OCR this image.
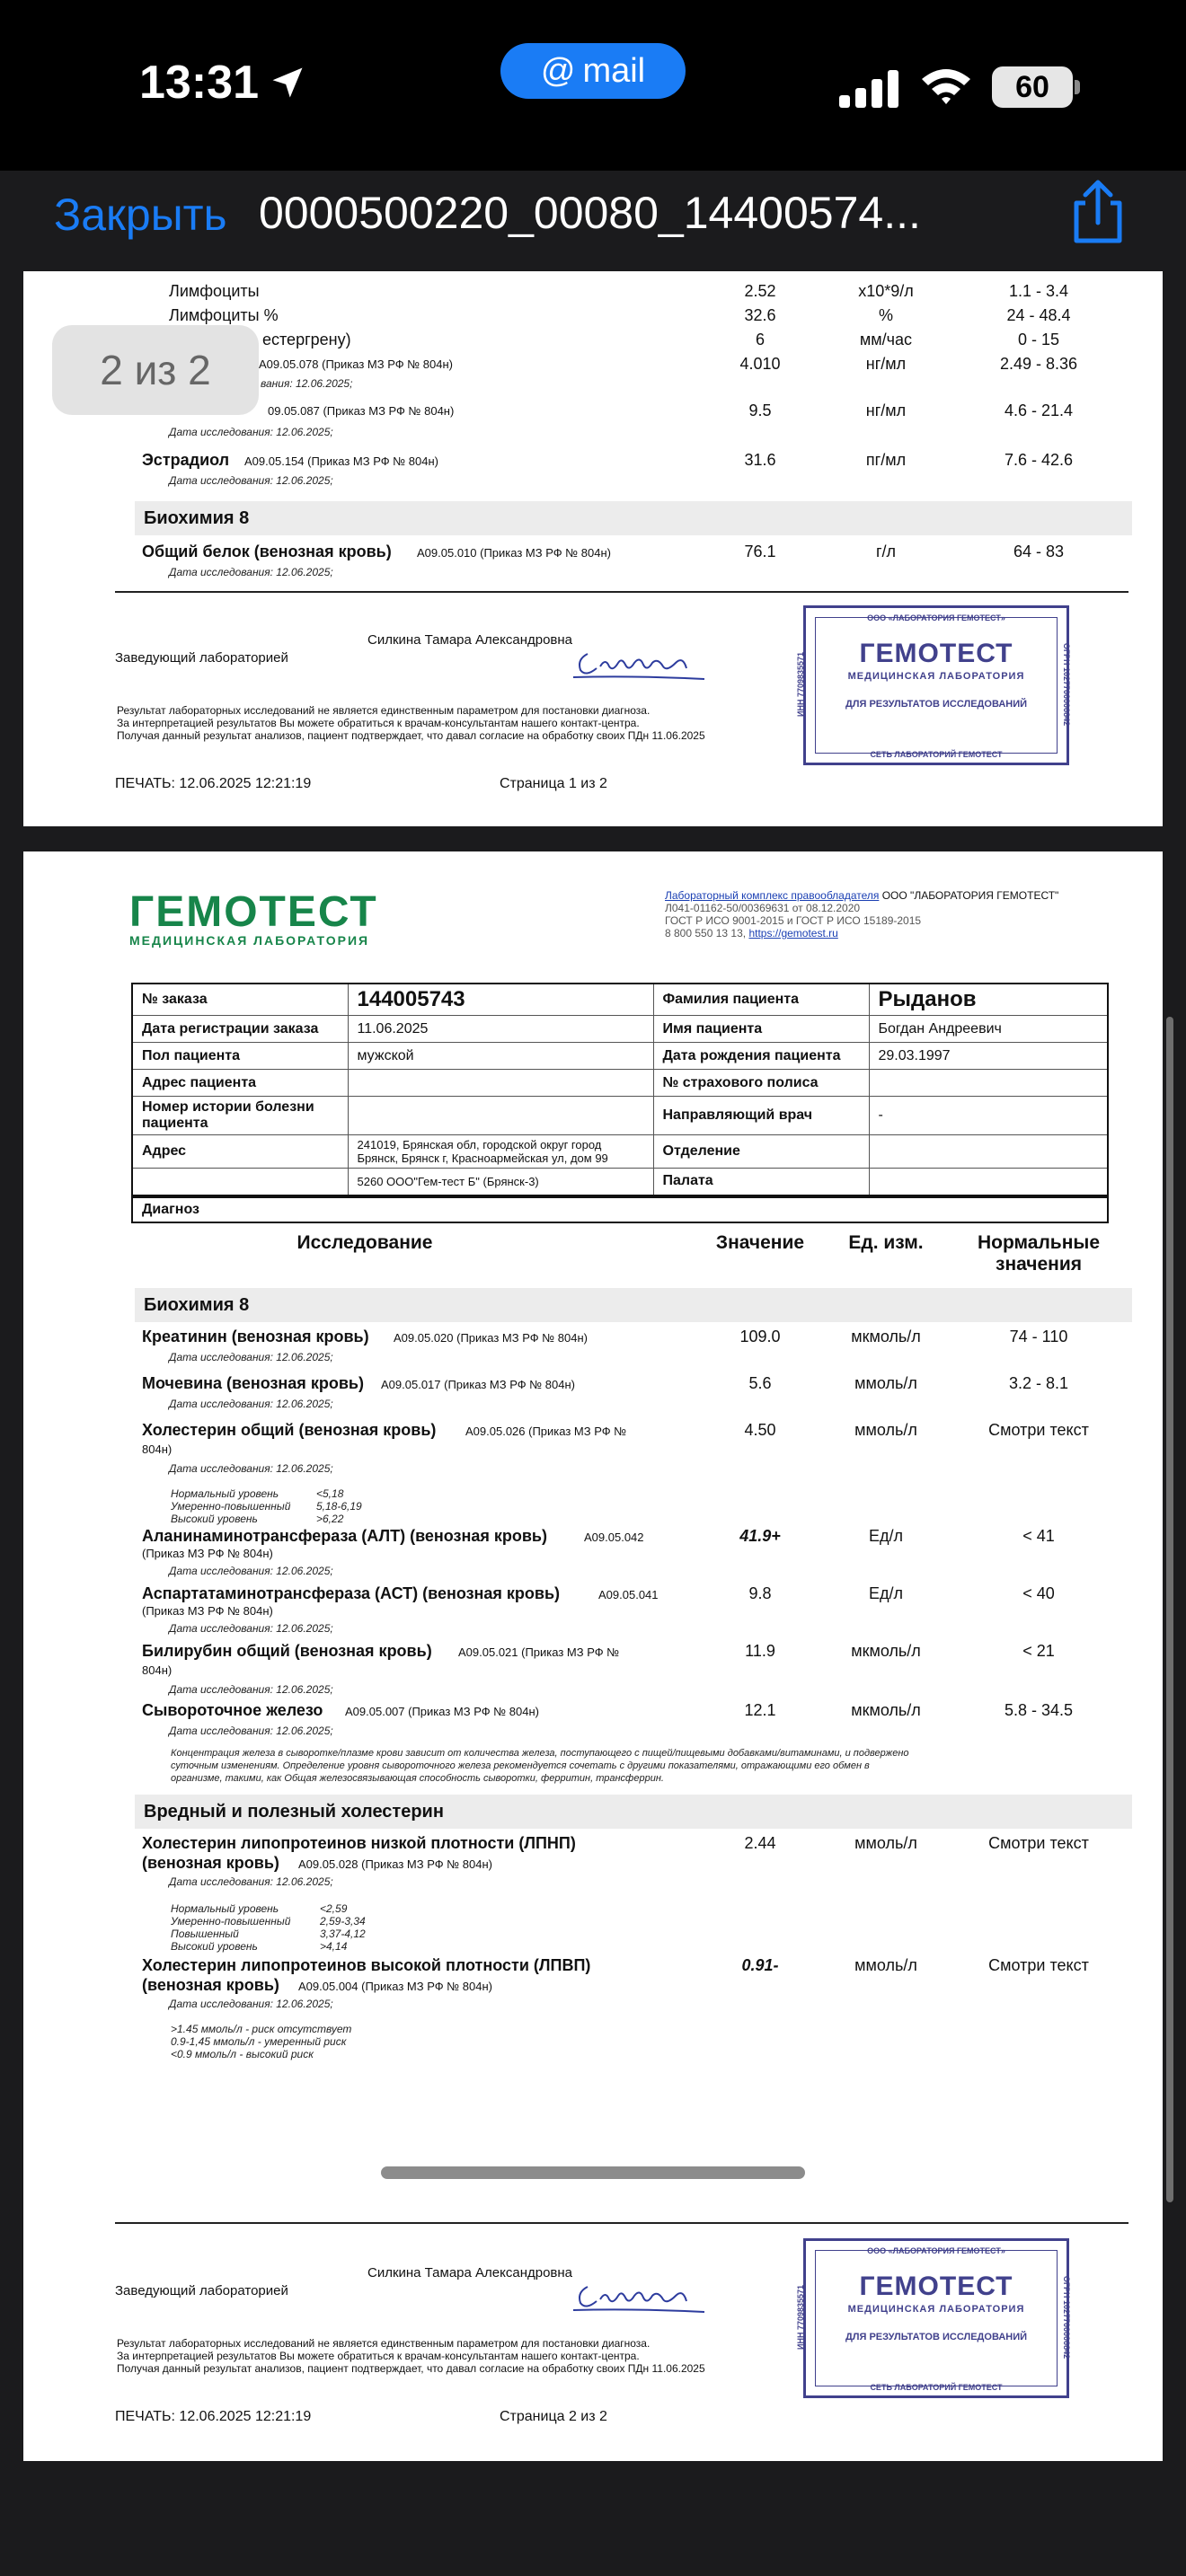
13:31	@ mail	60
Закрыть 0000500220_00080_14400574...
Лимфоциты	2.52	x10*9/л	1.1 - 3.4
Лимфоциты %	32.6	%	24 - 48.4
естергрену)	6	мм/час	0 - 15
А09.05.078 (Приказ МЗ РФ № 804н)
вания: 12.06.2025;
4.010	нг/мл	2.49 - 8.36
09.05.087 (Приказ МЗ РФ № 804н)
Дата исследования: 12.06.2025;
9.5	нг/мл	4.6 - 21.4
Эстрадиол А09.05.154 (Приказ МЗ РФ № 804н)
Дата исследования: 12.06.2025;
31.6	пг/мл	7.6 - 42.6
Биохимия 8
Общий белок (венозная кровь) А09.05.010 (Приказ МЗ РФ № 804н)
Дата исследования: 12.06.2025;
76.1	г/л	64 - 83
Заведующий лабораторией
Силкина Тамара Александровна
ООО «ЛАБОРАТОРИЯ ГЕМОТЕСТ»
ГЕМОТЕСТ
МЕДИЦИНСКАЯ ЛАБОРАТОРИЯ
ДЛЯ РЕЗУЛЬТАТОВ ИССЛЕДОВАНИЙ
СЕТЬ ЛАБОРАТОРИЙ ГЕМОТЕСТ
ИНН 7709835571	ОГРН 1027700006842
Результат лабораторных исследований не является единственным параметром для постановки диагноза.
За интерпретацией результатов Вы можете обратиться к врачам-консультантам нашего контакт-центра.
Получая данный результат анализов, пациент подтверждает, что давал согласие на обработку своих ПДн 11.06.2025
ПЕЧАТЬ: 12.06.2025 12:21:19	Страница 1 из 2
ГЕМОТЕСТ
МЕДИЦИНСКАЯ ЛАБОРАТОРИЯ
Лабораторный комплекс правообладателя ООО "ЛАБОРАТОРИЯ ГЕМОТЕСТ"
Л041-01162-50/00369631 от 08.12.2020
ГОСТ Р ИСО 9001-2015 и ГОСТ Р ИСО 15189-2015
8 800 550 13 13, https://gemotest.ru
№ заказа	144005743	Фамилия пациента	Рыданов
Дата регистрации заказа	11.06.2025	Имя пациента	Богдан Андреевич
Пол пациента	мужской	Дата рождения пациента	29.03.1997
Адрес пациента		№ страхового полиса	
Номер истории болезни пациента		Направляющий врач	-
Адрес	241019, Брянская обл, городской округ город Брянск, Брянск г, Красноармейская ул, дом 99	Отделение	
	5260 ООО"Гем-тест Б" (Брянск-3)	Палата	
Диагноз
Исследование	Значение	Ед. изм.	Нормальные
значения
Биохимия 8
Креатинин (венозная кровь) А09.05.020 (Приказ МЗ РФ № 804н)
Дата исследования: 12.06.2025;
109.0	мкмоль/л	74 - 110
Мочевина (венозная кровь) А09.05.017 (Приказ МЗ РФ № 804н)
Дата исследования: 12.06.2025;
5.6	ммоль/л	3.2 - 8.1
Холестерин общий (венозная кровь)	А09.05.026 (Приказ МЗ РФ №
804н)
Дата исследования: 12.06.2025;
4.50	ммоль/л	Смотри текст
Нормальный уровень	<5,18
Умеренно-повышенный 5,18-6,19
Высокий уровень	>6,22
Аланинаминотрансфераза (АЛТ) (венозная кровь)	А09.05.042
(Приказ МЗ РФ № 804н)
Дата исследования: 12.06.2025;
41.9+	Ед/л	< 41
Аспартатаминотрансфераза (АСТ) (венозная кровь)	А09.05.041
(Приказ МЗ РФ № 804н)
Дата исследования: 12.06.2025;
9.8	Ед/л	< 40
Билирубин общий (венозная кровь) А09.05.021 (Приказ МЗ РФ №
804н)
Дата исследования: 12.06.2025;
11.9	мкмоль/л	< 21
Сывороточное железо А09.05.007 (Приказ МЗ РФ № 804н)
Дата исследования: 12.06.2025;
12.1	мкмоль/л	5.8 - 34.5
Концентрация железа в сыворотке/плазме крови зависит от количества железа, поступающего с пищей/пищевыми добавками/витаминами, и подвержено
суточным изменениям. Определение уровня сывороточного железа рекомендуется сочетать с другими показателями, отражающими его обмен в
организме, такими, как Общая железосвязывающая способность сыворотки, ферритин, трансферрин.
Вредный и полезный холестерин
Холестерин липопротеинов низкой плотности (ЛПНП)
(венозная кровь) А09.05.028 (Приказ МЗ РФ № 804н)
Дата исследования: 12.06.2025;
2.44	ммоль/л	Смотри текст
Нормальный уровень	<2,59
Умеренно-повышенный	2,59-3,34
Повышенный	3,37-4,12
Высокий уровень	>4,14
Холестерин липопротеинов высокой плотности (ЛПВП)
(венозная кровь) А09.05.004 (Приказ МЗ РФ № 804н)
Дата исследования: 12.06.2025;
0.91-	ммоль/л	Смотри текст
>1.45 ммоль/л - риск отсутствует
0.9-1,45 ммоль/л - умеренный риск
<0.9 ммоль/л - высокий риск
Заведующий лабораторией
Силкина Тамара Александровна
ООО «ЛАБОРАТОРИЯ ГЕМОТЕСТ»
ГЕМОТЕСТ
МЕДИЦИНСКАЯ ЛАБОРАТОРИЯ
ДЛЯ РЕЗУЛЬТАТОВ ИССЛЕДОВАНИЙ
СЕТЬ ЛАБОРАТОРИЙ ГЕМОТЕСТ
ИНН 7709835571	ОГРН 1027700006842
Результат лабораторных исследований не является единственным параметром для постановки диагноза.
За интерпретацией результатов Вы можете обратиться к врачам-консультантам нашего контакт-центра.
Получая данный результат анализов, пациент подтверждает, что давал согласие на обработку своих ПДн 11.06.2025
ПЕЧАТЬ: 12.06.2025 12:21:19	Страница 2 из 2
2 из 2
